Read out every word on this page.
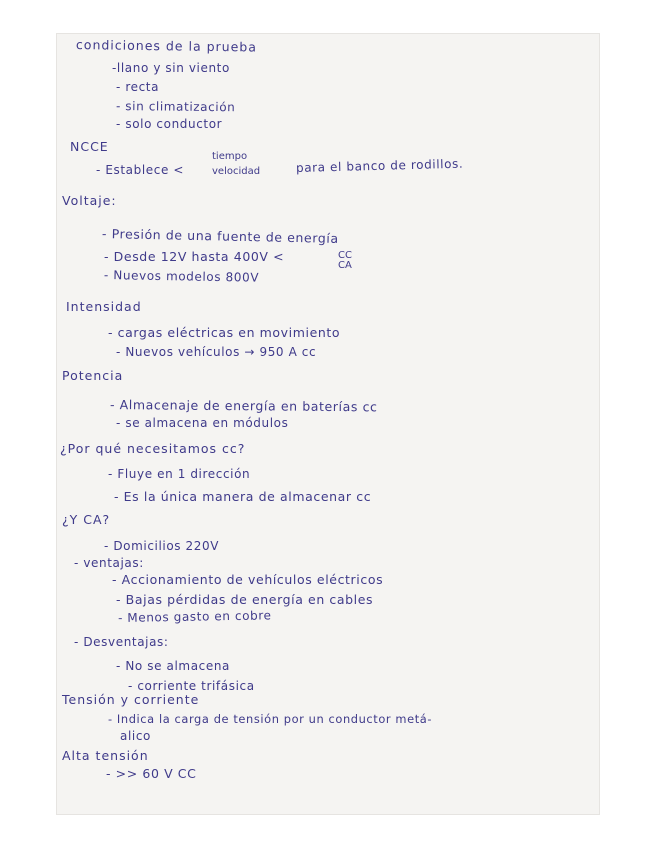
condiciones de la prueba
-llano y sin viento
- recta
- sin climatización
- solo conductor
NCCE
- Establece <
tiempo
velocidad	para el banco de rodillos.
Voltaje:
- Presión de una fuente de energía
- Desde 12V hasta 400V <	CC
CA
- Nuevos modelos 800V
Intensidad
- cargas eléctricas en movimiento
- Nuevos vehículos → 950 A cc
Potencia
- Almacenaje de energía en baterías cc
- se almacena en módulos
¿Por qué necesitamos cc?
- Fluye en 1 dirección
- Es la única manera de almacenar cc
¿Y CA?
- Domicilios 220V
- ventajas:
- Accionamiento de vehículos eléctricos
- Bajas pérdidas de energía en cables
- Menos gasto en cobre
- Desventajas:
- No se almacena
- corriente trifásica
Tensión y corriente
- Indica la carga de tensión por un conductor metá-
alico
Alta tensión
- >> 60 V CC
